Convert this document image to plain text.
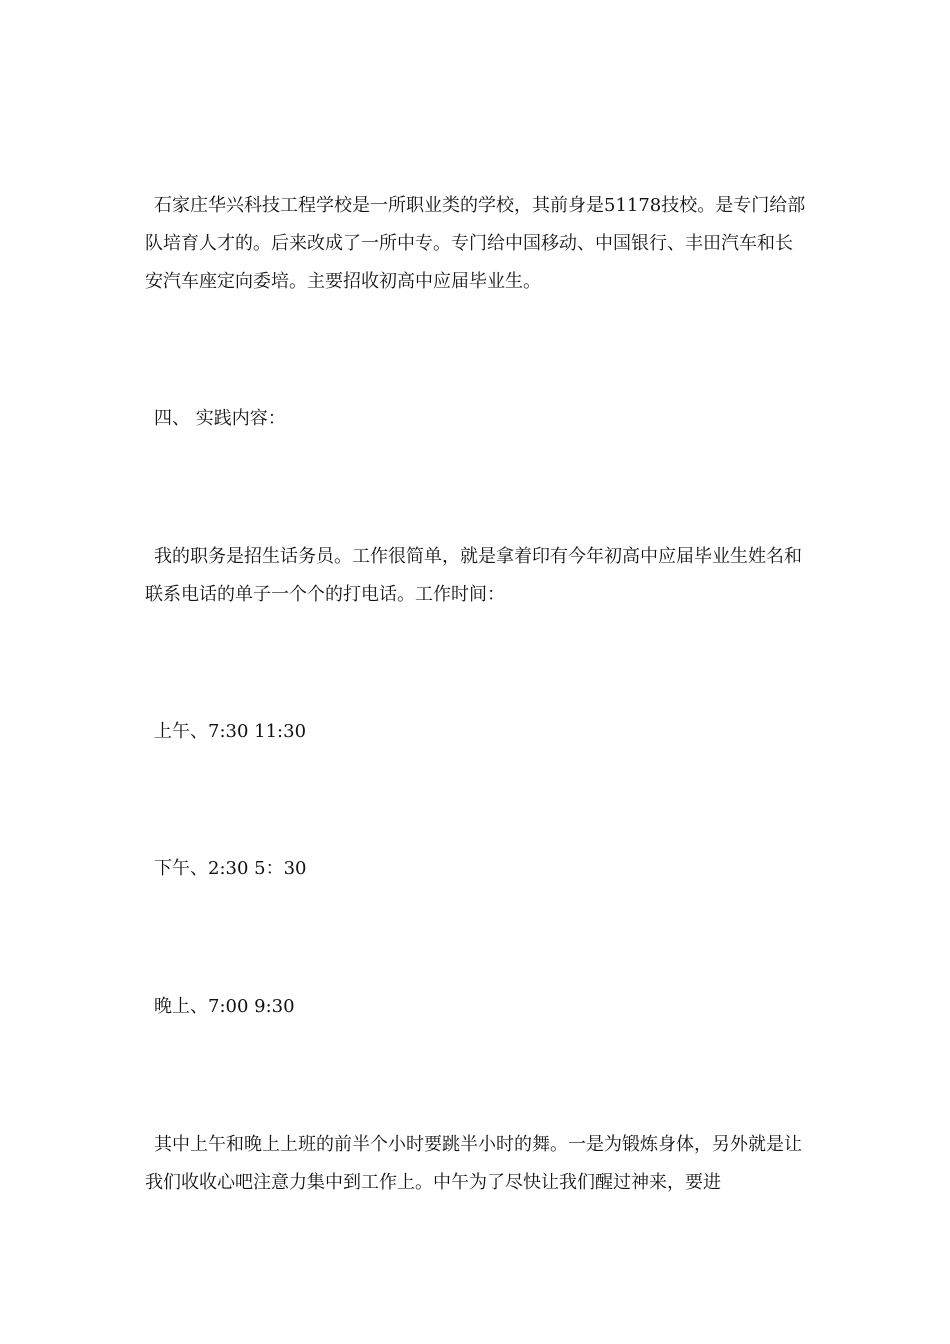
石家庄华兴科技工程学校是一所职业类的学校，其前身是51178技校。是专门给部队培育人才的。后来改成了一所中专。专门给中国移动、中国银行、丰田汽车和长安汽车座定向委培。主要招收初高中应届毕业生。

四、 实践内容：

我的职务是招生话务员。工作很简单，就是拿着印有今年初高中应届毕业生姓名和联系电话的单子一个个的打电话。工作时间：

上午、7:30 11:30

下午、2:30 5：30

晚上、7:00 9:30

其中上午和晚上上班的前半个小时要跳半小时的舞。一是为锻炼身体，另外就是让我们收收心吧注意力集中到工作上。中午为了尽快让我们醒过神来，要进
